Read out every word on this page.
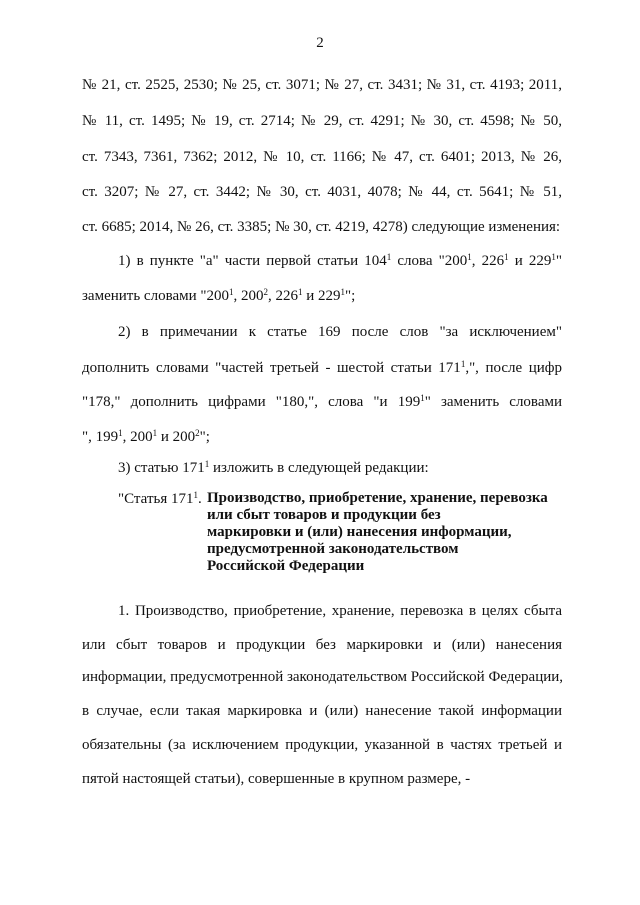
2
№ 21, ст. 2525, 2530; № 25, ст. 3071; № 27, ст. 3431; № 31, ст. 4193; 2011,
№ 11, ст. 1495; № 19, ст. 2714; № 29, ст. 4291; № 30, ст. 4598; № 50,
ст. 7343, 7361, 7362; 2012, № 10, ст. 1166; № 47, ст. 6401; 2013, № 26,
ст. 3207; № 27, ст. 3442; № 30, ст. 4031, 4078; № 44, ст. 5641; № 51,
ст. 6685; 2014, № 26, ст. 3385; № 30, ст. 4219, 4278) следующие изменения:
1) в пункте "а" части первой статьи $104^1$ слова "$200^1$, $226^1$ и $229^1$"
заменить словами "$200^1$, $200^2$, $226^1$ и $229^1$";
2) в примечании к статье 169 после слов "за исключением"
дополнить словами "частей третьей - шестой статьи $171^1$,", после цифр
"178," дополнить цифрами "180,", слова "и $199^1$" заменить словами
", $199^1$, $200^1$ и $200^2$";
3) статью $171^1$ изложить в следующей редакции:
"Статья $171^1$. Производство, приобретение, хранение, перевозка
или сбыт товаров и продукции без
маркировки и (или) нанесения информации,
предусмотренной законодательством
Российской Федерации
1. Производство, приобретение, хранение, перевозка в целях сбыта
или сбыт товаров и продукции без маркировки и (или) нанесения
информации, предусмотренной законодательством Российской Федерации,
в случае, если такая маркировка и (или) нанесение такой информации
обязательны (за исключением продукции, указанной в частях третьей и
пятой настоящей статьи), совершенные в крупном размере, -
